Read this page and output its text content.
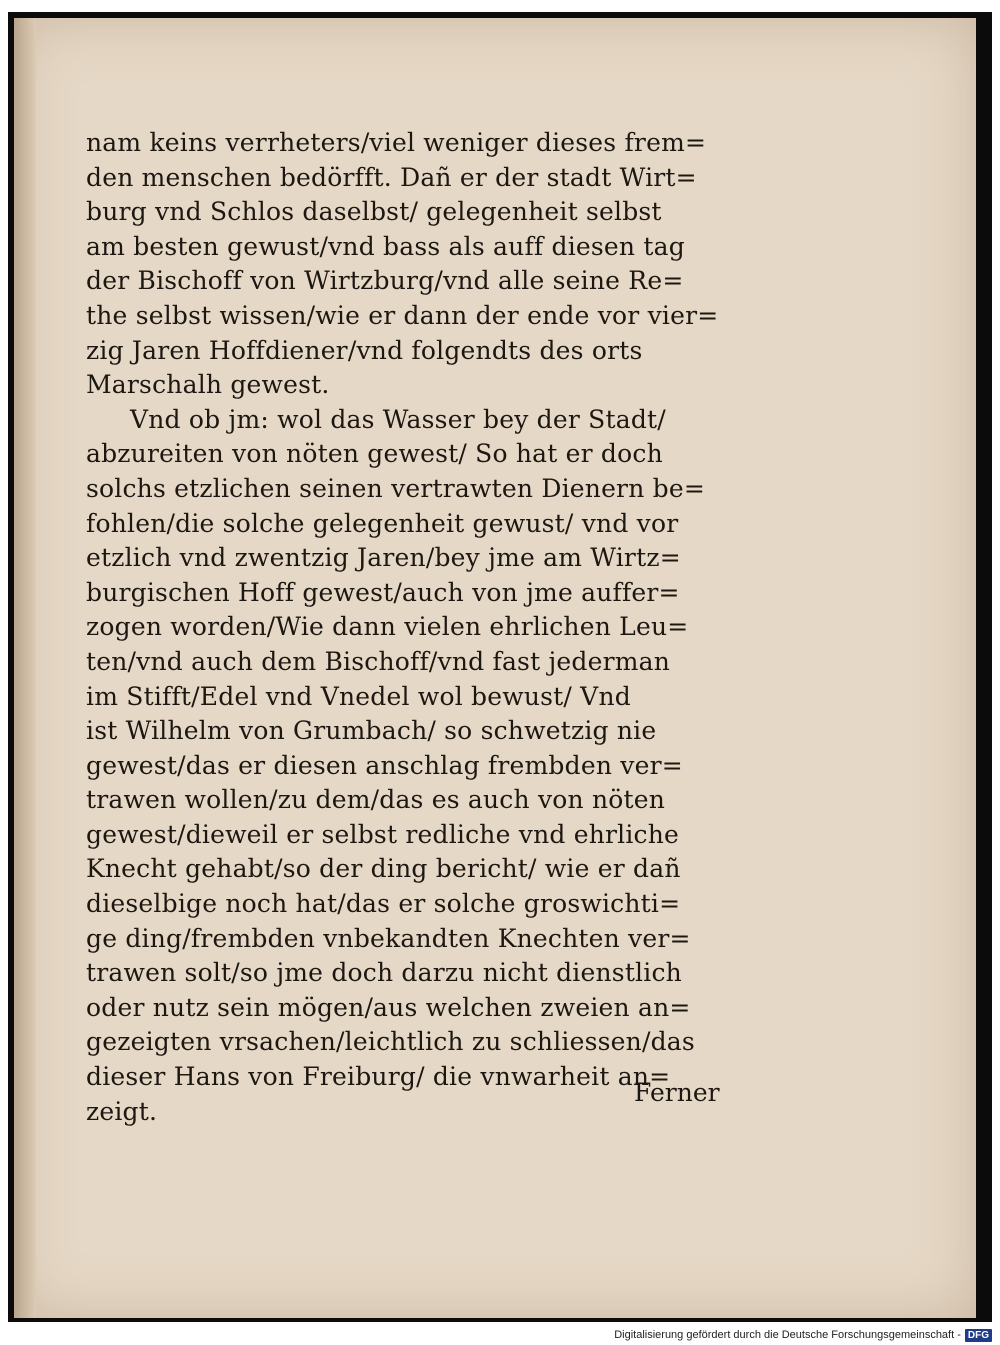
nam keins verrheters/viel weniger dieses frem=
den menschen bedörfft. Dañ er der stadt Wirt=
burg vnd Schlos daselbst/ gelegenheit selbst
am besten gewust/vnd bass als auff diesen tag
der Bischoff von Wirtzburg/vnd alle seine Re=
the selbst wissen/wie er dann der ende vor vier=
zig Jaren Hoffdiener/vnd folgendts des orts
Marschalh gewest.
Vnd ob jm: wol das Wasser bey der Stadt/
abzureiten von nöten gewest/ So hat er doch
solchs etzlichen seinen vertrawten Dienern be=
fohlen/die solche gelegenheit gewust/ vnd vor
etzlich vnd zwentzig Jaren/bey jme am Wirtz=
burgischen Hoff gewest/auch von jme auffer=
zogen worden/Wie dann vielen ehrlichen Leu=
ten/vnd auch dem Bischoff/vnd fast jederman
im Stifft/Edel vnd Vnedel wol bewust/ Vnd
ist Wilhelm von Grumbach/ so schwetzig nie
gewest/das er diesen anschlag frembden ver=
trawen wollen/zu dem/das es auch von nöten
gewest/dieweil er selbst redliche vnd ehrliche
Knecht gehabt/so der ding bericht/ wie er dañ
dieselbige noch hat/das er solche groswichti=
ge ding/frembden vnbekandten Knechten ver=
trawen solt/so jme doch darzu nicht dienstlich
oder nutz sein mögen/aus welchen zweien an=
gezeigten vrsachen/leichtlich zu schliessen/das
dieser Hans von Freiburg/ die vnwarheit an=
zeigt.
Ferner
Digitalisierung gefördert durch die Deutsche Forschungsgemeinschaft - DFG
